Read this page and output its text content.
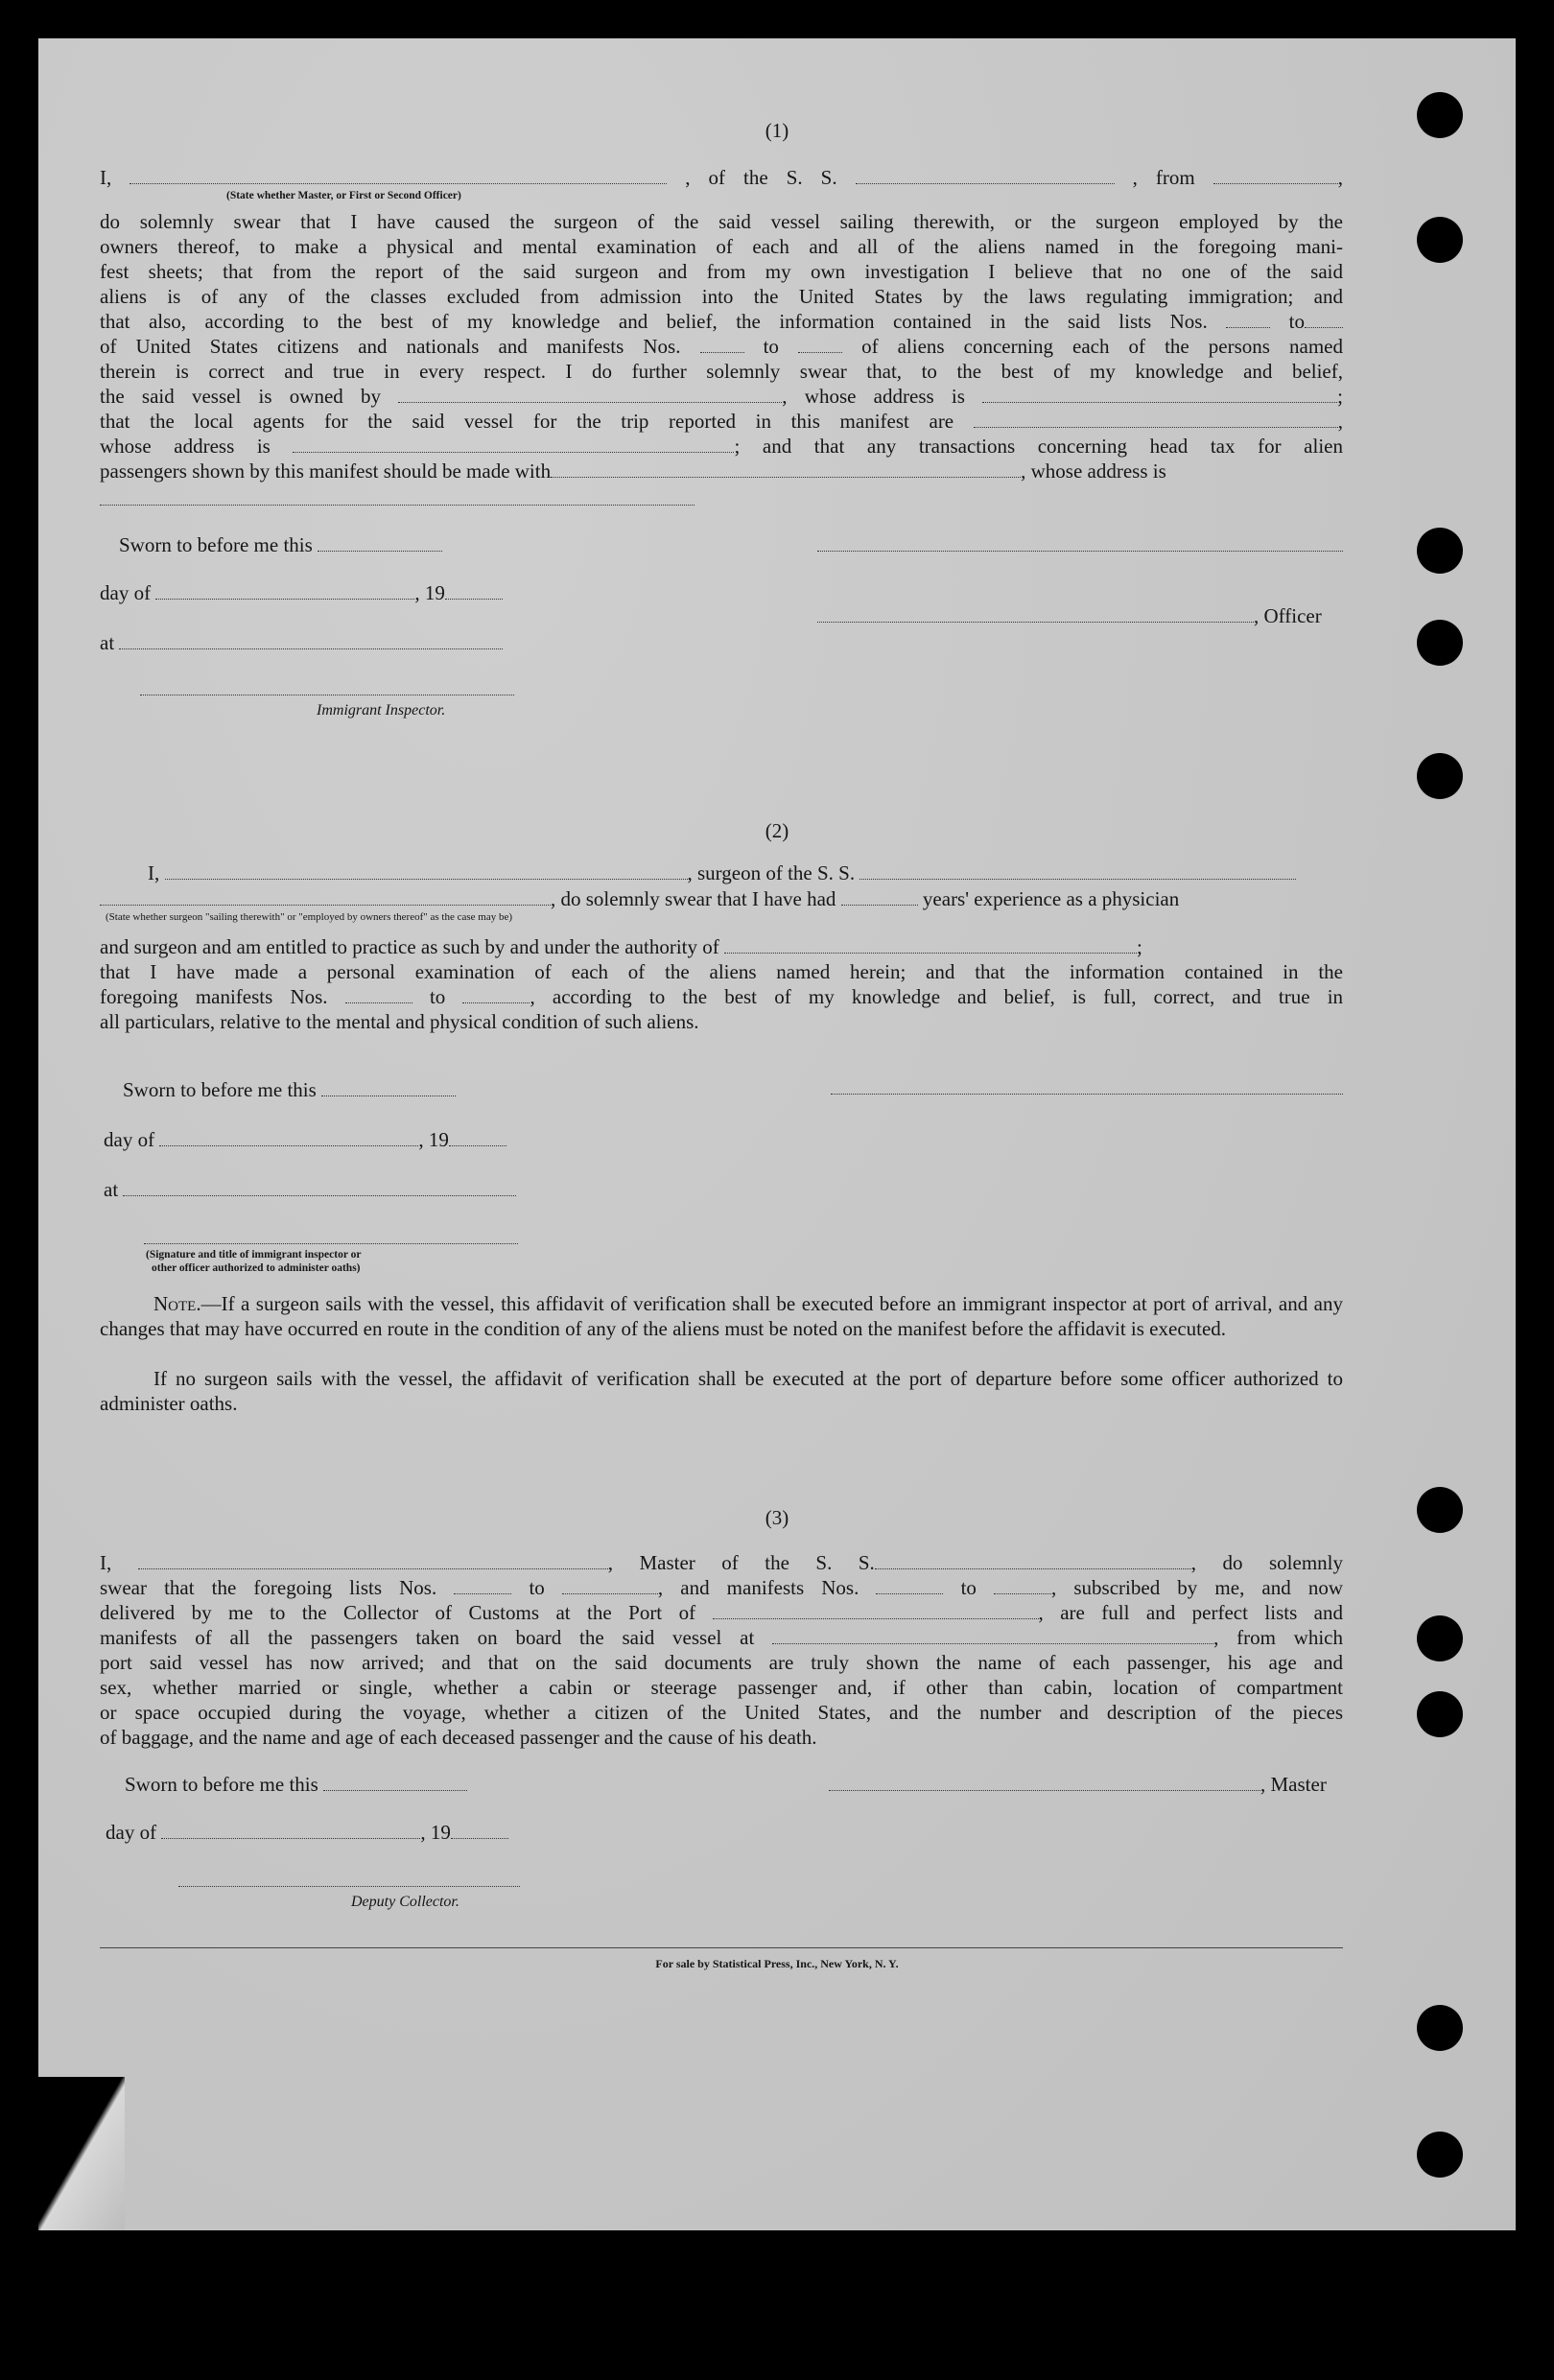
(1)
I,	, of the S. S.	, from	,
(State whether Master, or First or Second Officer)
do solemnly swear that I have caused the surgeon of the said vessel sailing therewith, or the surgeon employed by the
owners thereof, to make a physical and mental examination of each and all of the aliens named in the foregoing mani-
fest sheets; that from the report of the said surgeon and from my own investigation I believe that no one of the said
aliens is of any of the classes excluded from admission into the United States by the laws regulating immigration; and
that also, according to the best of my knowledge and belief, the information contained in the said lists Nos.	to
of United States citizens and nationals and manifests Nos.	to	of aliens concerning each of the persons named
therein is correct and true in every respect. I do further solemnly swear that, to the best of my knowledge and belief,
the said vessel is owned by	, whose address is	;
that the local agents for the said vessel for the trip reported in this manifest are	,
whose address is	; and that any transactions concerning head tax for alien
passengers shown by this manifest should be made with	, whose address is
Sworn to before me this
day of	, 19
at
Immigrant Inspector.
, Officer
(2)
I,	, surgeon of the S. S.
, do solemnly swear that I have had	years' experience as a physician
(State whether surgeon "sailing therewith" or "employed by owners thereof" as the case may be)
and surgeon and am entitled to practice as such by and under the authority of	;
that I have made a personal examination of each of the aliens named herein; and that the information contained in the
foregoing manifests Nos.	to	, according to the best of my knowledge and belief, is full, correct, and true in
all particulars, relative to the mental and physical condition of such aliens.
Sworn to before me this
day of	, 19
at
(Signature and title of immigrant inspector or
other officer authorized to administer oaths)
Note.—If a surgeon sails with the vessel, this affidavit of verification shall be executed before an immigrant inspector at port of arrival, and any changes that may have occurred en route in the condition of any of the aliens must be noted on the manifest before the affidavit is executed.
If no surgeon sails with the vessel, the affidavit of verification shall be executed at the port of departure before some officer authorized to administer oaths.
(3)
I,	, Master of the S. S.	, do solemnly
swear that the foregoing lists Nos.	to	, and manifests Nos.	to	, subscribed by me, and now
delivered by me to the Collector of Customs at the Port of	, are full and perfect lists and
manifests of all the passengers taken on board the said vessel at	, from which
port said vessel has now arrived; and that on the said documents are truly shown the name of each passenger, his age and
sex, whether married or single, whether a cabin or steerage passenger and, if other than cabin, location of compartment
or space occupied during the voyage, whether a citizen of the United States, and the number and description of the pieces
of baggage, and the name and age of each deceased passenger and the cause of his death.
Sworn to before me this	, Master
day of	, 19
Deputy Collector.
For sale by Statistical Press, Inc., New York, N. Y.
